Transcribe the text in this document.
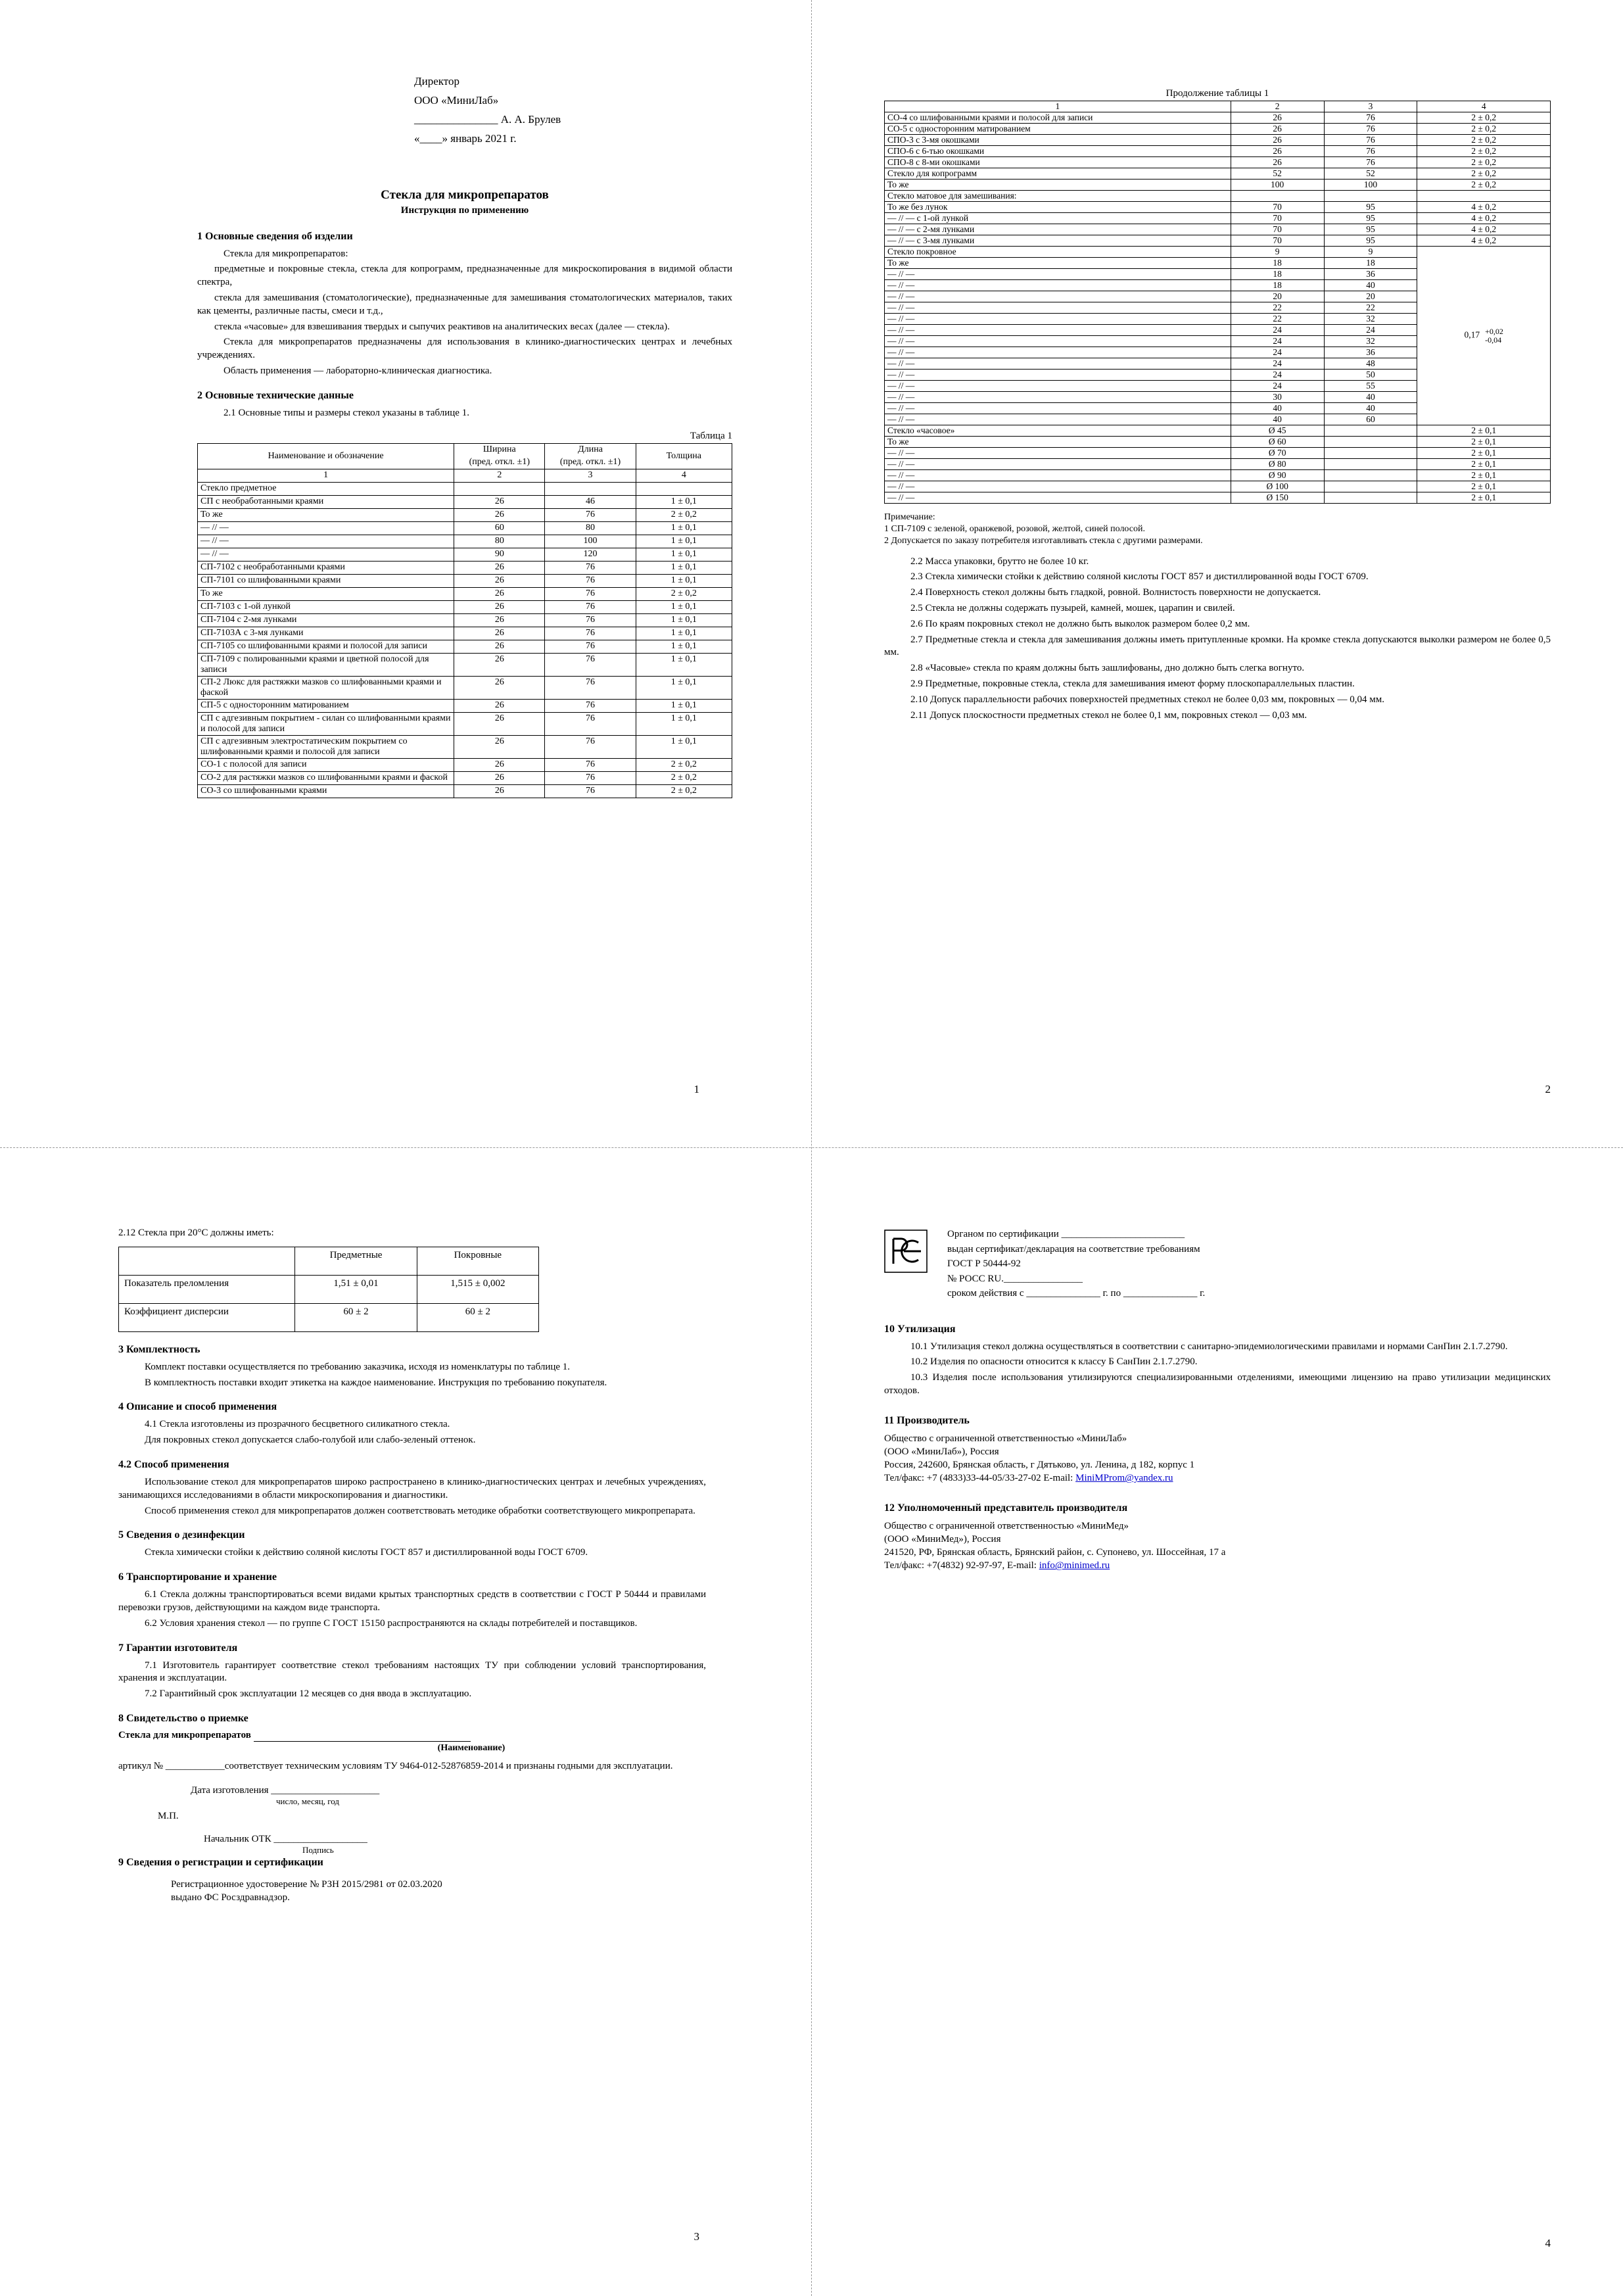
Директор
ООО «МиниЛаб»
_______________ А. А. Брулев
«____» январь 2021 г.
Стекла для микропрепаратов
Инструкция по применению
1 Основные сведения об изделии

Стекла для микропрепаратов:

предметные и покровные стекла, стекла для копрограмм, предназначенные для микроскопирования в видимой области спектра,

стекла для замешивания (стоматологические), предназначенные для замешивания стоматологических материалов, таких как цементы, различные пасты, смеси и т.д.,

стекла «часовые» для взвешивания твердых и сыпучих реактивов на аналитических весах (далее — стекла).

Стекла для микропрепаратов предназначены для использования в клинико-диагностических центрах и лечебных учреждениях.

Область применения — лабораторно-клиническая диагностика.

2 Основные технические данные

2.1 Основные типы и размеры стекол указаны в таблице 1.

Таблица 1
Наименование и обозначение	Ширина	Длина	Толщина
	(пред. откл. ±1)	(пред. откл. ±1)	
1	2	3	4
Стекло предметное			
СП с необработанными краями	26	46	1 ± 0,1
То же	26	76	2 ± 0,2
— // —	60	80	1 ± 0,1
— // —	80	100	1 ± 0,1
— // —	90	120	1 ± 0,1
СП-7102 с необработанными краями	26	76	1 ± 0,1
СП-7101 со шлифованными краями	26	76	1 ± 0,1
То же	26	76	2 ± 0,2
СП-7103 с 1-ой лункой	26	76	1 ± 0,1
СП-7104 с 2-мя лунками	26	76	1 ± 0,1
СП-7103А с 3-мя лунками	26	76	1 ± 0,1
СП-7105 со шлифованными краями и полосой для записи	26	76	1 ± 0,1
СП-7109 с полированными краями и цветной полосой для записи	26	76	1 ± 0,1
СП-2 Люкс для растяжки мазков со шлифованными краями и фаской	26	76	1 ± 0,1
СП-5 с односторонним матированием	26	76	1 ± 0,1
СП с адгезивным покрытием - силан со шлифованными краями и полосой для записи	26	76	1 ± 0,1
СП с адгезивным электростатическим покрытием со шлифованными краями и полосой для записи	26	76	1 ± 0,1
СО-1 с полосой для записи	26	76	2 ± 0,2
СО-2 для растяжки мазков со шлифованными краями и фаской	26	76	2 ± 0,2
СО-3 со шлифованными краями	26	76	2 ± 0,2
1
Продолжение таблицы 1
1	2	3	4
СО-4 со шлифованными краями и полосой для записи	26	76	2 ± 0,2
СО-5 с односторонним матированием	26	76	2 ± 0,2
СПО-3 с 3-мя окошками	26	76	2 ± 0,2
СПО-6 с 6-тью окошками	26	76	2 ± 0,2
СПО-8 с 8-ми окошками	26	76	2 ± 0,2
Стекло для копрограмм	52	52	2 ± 0,2
То же	100	100	2 ± 0,2
Стекло матовое для замешивания:			
То же без лунок	70	95	4 ± 0,2
— // — с 1-ой лункой	70	95	4 ± 0,2
— // — с 2-мя лунками	70	95	4 ± 0,2
— // — с 3-мя лунками	70	95	4 ± 0,2
Стекло покровное	9	9	0,17 +0,02
-0,04

То же	18	18	
— // —	18	36	
— // —	18	40	
— // —	20	20	
— // —	22	22	
— // —	22	32	
— // —	24	24	
— // —	24	32	
— // —	24	36	
— // —	24	48	
— // —	24	50	
— // —	24	55	
— // —	30	40	
— // —	40	40	
— // —	40	60	
Стекло «часовое»	Ø 45		2 ± 0,1
То же	Ø 60		2 ± 0,1
— // —	Ø 70		2 ± 0,1
— // —	Ø 80		2 ± 0,1
— // —	Ø 90		2 ± 0,1
— // —	Ø 100		2 ± 0,1
— // —	Ø 150		2 ± 0,1
Примечание:
1 СП-7109 с зеленой, оранжевой, розовой, желтой, синей полосой.
2 Допускается по заказу потребителя изготавливать стекла с другими размерами.

2.2 Масса упаковки, брутто не более 10 кг.

2.3 Стекла химически стойки к действию соляной кислоты ГОСТ 857 и дистиллированной воды ГОСТ 6709.

2.4 Поверхность стекол должны быть гладкой, ровной. Волнистость поверхности не допускается.

2.5 Стекла не должны содержать пузырей, камней, мошек, царапин и свилей.

2.6 По краям покровных стекол не должно быть выколок размером более 0,2 мм.

2.7 Предметные стекла и стекла для замешивания должны иметь притупленные кромки. На кромке стекла допускаются выколки размером не более 0,5 мм.

2.8 «Часовые» стекла по краям должны быть зашлифованы, дно должно быть слегка вогнуто.

2.9 Предметные, покровные стекла, стекла для замешивания имеют форму плоскопараллельных пластин.

2.10 Допуск параллельности рабочих поверхностей предметных стекол не более 0,03 мм, покровных — 0,04 мм.

2.11 Допуск плоскостности предметных стекол не более 0,1 мм, покровных стекол — 0,03 мм.

2

2.12 Стекла при 20°С должны иметь:

	Предметные	Покровные
Показатель преломления	1,51 ± 0,01	1,515 ± 0,002
Коэффициент дисперсии	60 ± 2	60 ± 2
3 Комплектность

Комплект поставки осуществляется по требованию заказчика, исходя из номенклатуры по таблице 1.

В комплектность поставки входит этикетка на каждое наименование. Инструкция по требованию покупателя.

4 Описание и способ применения

4.1 Стекла изготовлены из прозрачного бесцветного силикатного стекла.

Для покровных стекол допускается слабо-голубой или слабо-зеленый оттенок.

4.2 Способ применения

Использование стекол для микропрепаратов широко распространено в клинико-диагностических центрах и лечебных учреждениях, занимающихся исследованиями в области микроскопирования и диагностики.

Способ применения стекол для микропрепаратов должен соответствовать методике обработки соответствующего микропрепарата.

5 Сведения о дезинфекции

Стекла химически стойки к действию соляной кислоты ГОСТ 857 и дистиллированной воды ГОСТ 6709.

6 Транспортирование и хранение

6.1 Стекла должны транспортироваться всеми видами крытых транспортных средств в соответствии с ГОСТ Р 50444 и правилами перевозки грузов, действующими на каждом виде транспорта.

6.2 Условия хранения стекол — по группе С ГОСТ 15150 распространяются на склады потребителей и поставщиков.

7 Гарантии изготовителя

7.1 Изготовитель гарантирует соответствие стекол требованиям настоящих ТУ при соблюдении условий транспортирования, хранения и эксплуатации.

7.2 Гарантийный срок эксплуатации 12 месяцев со дня ввода в эксплуатацию.

8 Свидетельство о приемке
Стекла для микропрепаратов
(Наименование)

артикул № ____________соответствует техническим условиям ТУ 9464-012-52876859-2014 и признаны годными для эксплуатации.

Дата изготовления ______________________
число, месяц, год
М.П.
Начальник ОТК ___________________
Подпись
9 Сведения о регистрации и сертификации
Регистрационное удостоверение № РЗН 2015/2981 от 02.03.2020
выдано ФС Росздравнадзор.
3
Органом по сертификации _________________________
выдан сертификат/декларация на соответствие требованиям
ГОСТ Р 50444-92
№ РОСС RU.________________
сроком действия с _______________ г. по _______________ г.
10 Утилизация

10.1 Утилизация стекол должна осуществляться в соответствии с санитарно-эпидемиологическими правилами и нормами СанПин 2.1.7.2790.

10.2 Изделия по опасности относится к классу Б СанПин 2.1.7.2790.

10.3 Изделия после использования утилизируются специализированными отделениями, имеющими лицензию на право утилизации медицинских отходов.

11 Производитель
Общество с ограниченной ответственностью «МиниЛаб»
(ООО «МиниЛаб»), Россия
Россия, 242600, Брянская область, г Дятьково, ул. Ленина, д 182, корпус 1
Тел/факс: +7 (4833)33-44-05/33-27-02 E-mail: MiniMProm@yandex.ru
12 Уполномоченный представитель производителя
Общество с ограниченной ответственностью «МиниМед»
(ООО «МиниМед»), Россия
241520, РФ, Брянская область, Брянский район, с. Супонево, ул. Шоссейная, 17 а
Тел/факс: +7(4832) 92-97-97, E-mail: info@minimed.ru
4
